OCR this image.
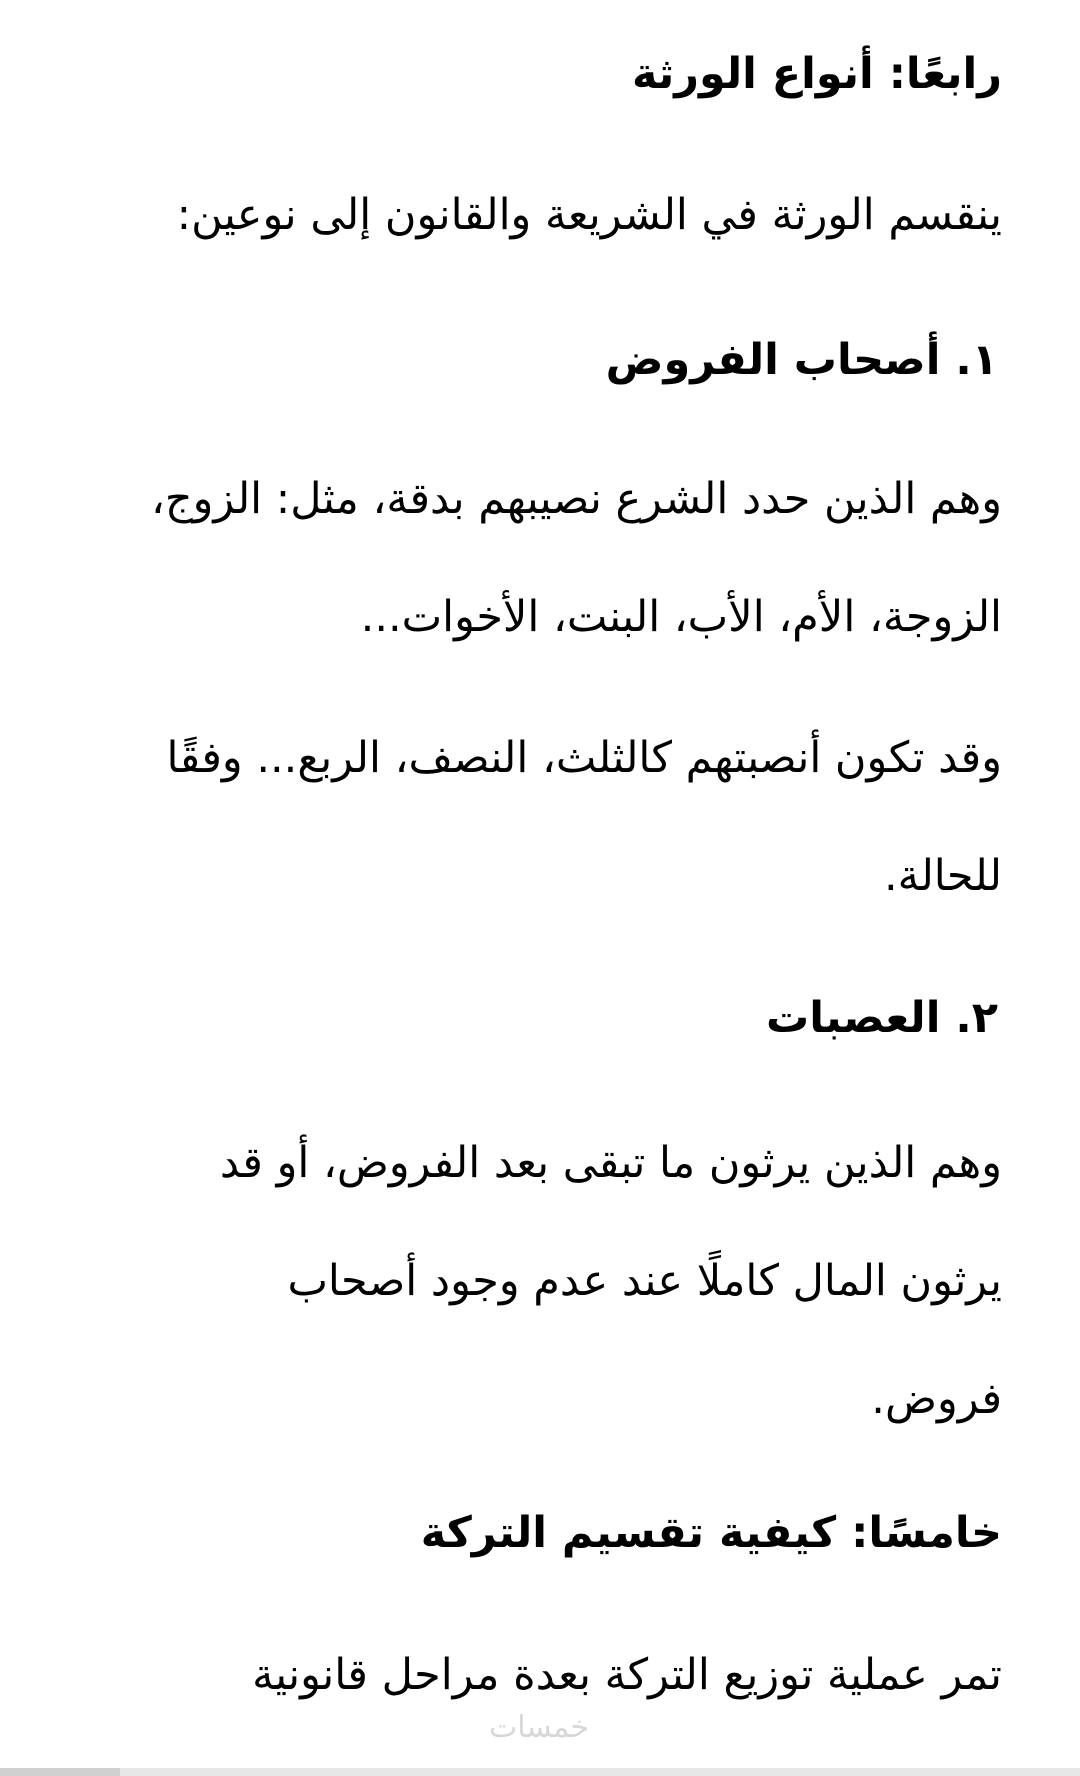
رابعًا: أنواع الورثة

ينقسم الورثة في الشريعة والقانون إلى نوعين:

١. أصحاب الفروض

وهم الذين حدد الشرع نصيبهم بدقة، مثل: الزوج،

الزوجة، الأم، الأب، البنت، الأخوات...

وقد تكون أنصبتهم كالثلث، النصف، الربع... وفقًا

للحالة.

٢. العصبات

وهم الذين يرثون ما تبقى بعد الفروض، أو قد

يرثون المال كاملًا عند عدم وجود أصحاب

فروض.

خامسًا: كيفية تقسيم التركة

تمر عملية توزيع التركة بعدة مراحل قانونية

خمسات
